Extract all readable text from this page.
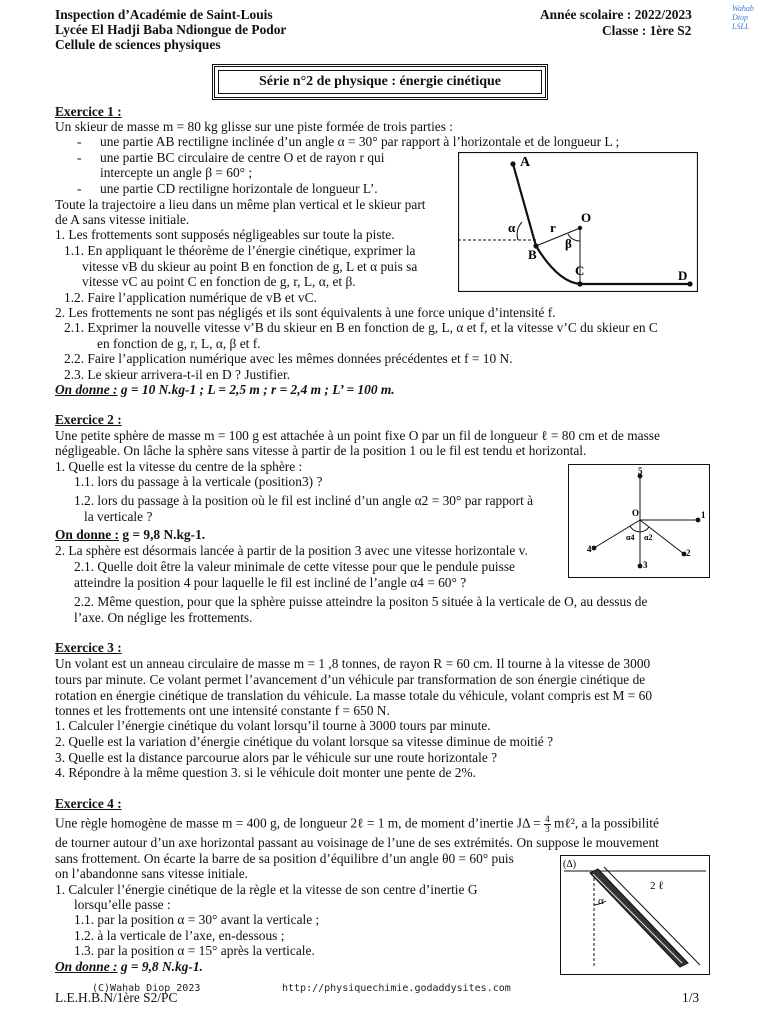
Inspection d’Académie de Saint-Louis
Lycée El Hadji Baba Ndiongue de Podor
Cellule de sciences physiques
Année scolaire : 2022/2023
Classe : 1ère S2
Wahab Diop LSLL
Série n°2 de physique : énergie cinétique
Exercice 1 :
Un skieur de masse m = 80 kg glisse sur une piste formée de trois parties :
- une partie AB rectiligne inclinée d’un angle α = 30° par rapport à l’horizontale et de longueur L ;
- une partie BC circulaire de centre O et de rayon r qui
intercepte un angle β = 60° ;
- une partie CD rectiligne horizontale de longueur L’.
Toute la trajectoire a lieu dans un même plan vertical et le skieur part
de A sans vitesse initiale.
1. Les frottements sont supposés négligeables sur toute la piste.
1.1. En appliquant le théorème de l’énergie cinétique, exprimer la
vitesse vB du skieur au point B en fonction de g, L et α puis sa
vitesse vC au point C en fonction de g, r, L, α, et β.
1.2. Faire l’application numérique de vB et vC.
2. Les frottements ne sont pas négligés et ils sont équivalents à une force unique d’intensité f.
2.1. Exprimer la nouvelle vitesse v’B du skieur en B en fonction de g, L, α et f, et la vitesse v’C du skieur en C
en fonction de g, r, L, α, β et f.
2.2. Faire l’application numérique avec les mêmes données précédentes et f = 10 N.
2.3. Le skieur arrivera-t-il en D ? Justifier.
On donne : g = 10 N.kg-1 ; L = 2,5 m ; r = 2,4 m ; L’ = 100 m.
A
B
C	D
O
r
α
β
Exercice 2 :
Une petite sphère de masse m = 100 g est attachée à un point fixe O par un fil de longueur ℓ = 80 cm et de masse
négligeable. On lâche la sphère sans vitesse à partir de la position 1 ou le fil est tendu et horizontal.
1. Quelle est la vitesse du centre de la sphère :
1.1. lors du passage à la verticale (position3) ?
1.2. lors du passage à la position où le fil est incliné d’un angle α2 = 30° par rapport à
la verticale ?
On donne : g = 9,8 N.kg-1.
2. La sphère est désormais lancée à partir de la position 3 avec une vitesse horizontale v.
2.1. Quelle doit être la valeur minimale de cette vitesse pour que le pendule puisse
atteindre la position 4 pour laquelle le fil est incliné de l’angle α4 = 60° ?
2.2. Même question, pour que la sphère puisse atteindre la positon 5 située à la verticale de O, au dessus de
l’axe. On néglige les frottements.
5
1
2
3
4
O
α4 α2
Exercice 3 :
Un volant est un anneau circulaire de masse m = 1 ,8 tonnes, de rayon R = 60 cm. Il tourne à la vitesse de 3000
tours par minute. Ce volant permet l’avancement d’un véhicule par transformation de son énergie cinétique de
rotation en énergie cinétique de translation du véhicule. La masse totale du véhicule, volant compris est M = 60
tonnes et les frottements ont une intensité constante f = 650 N.
1. Calculer l’énergie cinétique du volant lorsqu’il tourne à 3000 tours par minute.
2. Quelle est la variation d’énergie cinétique du volant lorsque sa vitesse diminue de moitié ?
3. Quelle est la distance parcourue alors par le véhicule sur une route horizontale ?
4. Répondre à la même question 3. si le véhicule doit monter une pente de 2%.
Exercice 4 :
Une règle homogène de masse m = 400 g, de longueur 2ℓ = 1 m, de moment d’inertie $J\Delta = \frac{4}{3}$ mℓ², a la possibilité
de tourner autour d’un axe horizontal passant au voisinage de l’une de ses extrémités. On suppose le mouvement
sans frottement. On écarte la barre de sa position d’équilibre d’un angle θ0 = 60° puis
on l’abandonne sans vitesse initiale.
1. Calculer l’énergie cinétique de la règle et la vitesse de son centre d’inertie G
lorsqu’elle passe :
1.1. par la position α = 30° avant la verticale ;
1.2. à la verticale de l’axe, en-dessous ;
1.3. par la position α = 15° après la verticale.
On donne : g = 9,8 N.kg-1.
(Δ)
2 ℓ
α
(C)Wahab Diop 2023	http://physiquechimie.godaddysites.com
L.E.H.B.N/1ère S2/PC	1/3
